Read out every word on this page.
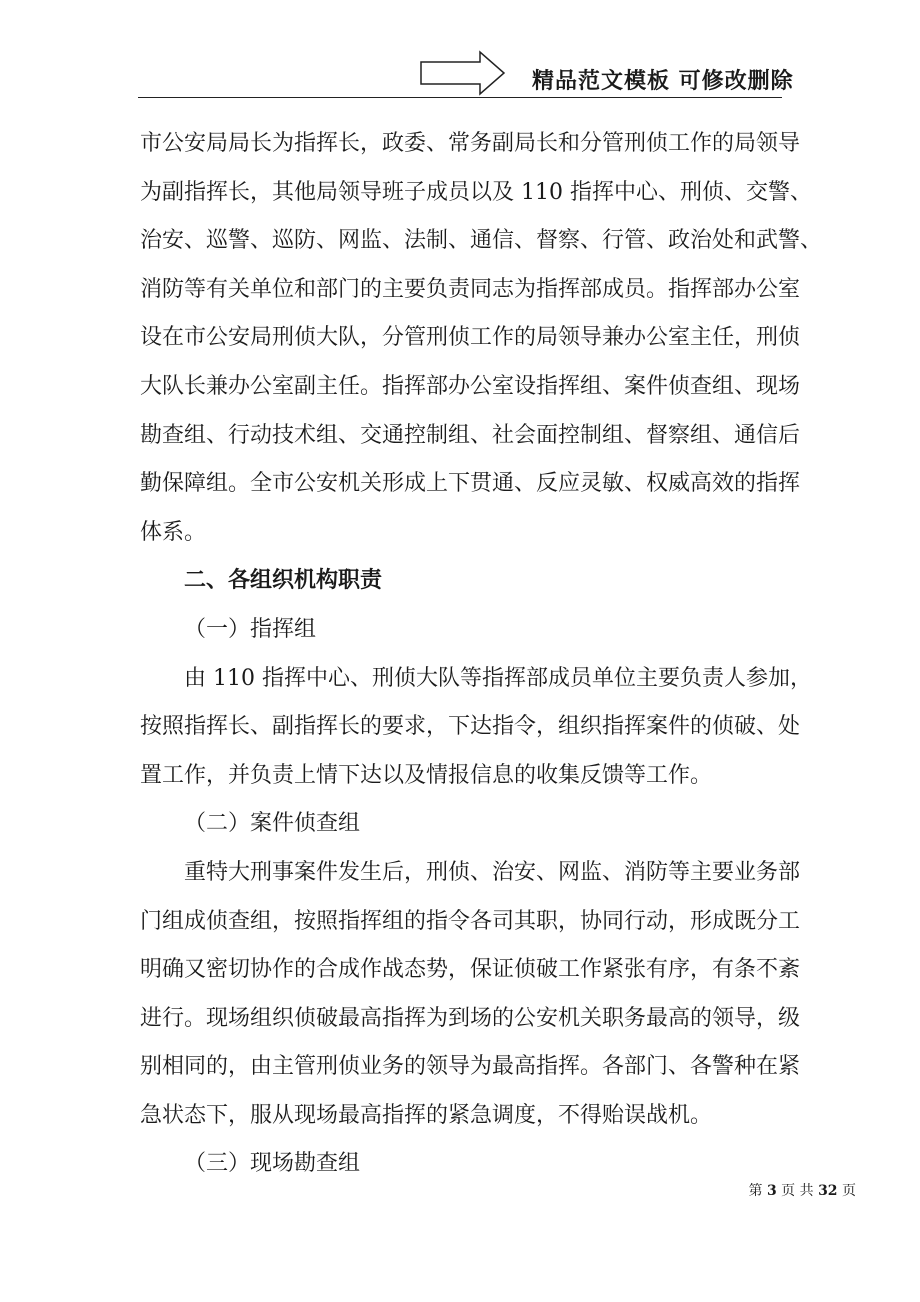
精品范文模板 可修改删除
市公安局局长为指挥长，政委、常务副局长和分管刑侦工作的局领导
为副指挥长，其他局领导班子成员以及 110 指挥中心、刑侦、交警、
治安、巡警、巡防、网监、法制、通信、督察、行管、政治处和武警、
消防等有关单位和部门的主要负责同志为指挥部成员。指挥部办公室
设在市公安局刑侦大队，分管刑侦工作的局领导兼办公室主任，刑侦
大队长兼办公室副主任。指挥部办公室设指挥组、案件侦查组、现场
勘查组、行动技术组、交通控制组、社会面控制组、督察组、通信后
勤保障组。全市公安机关形成上下贯通、反应灵敏、权威高效的指挥
体系。
二、各组织机构职责
（一）指挥组
由 110 指挥中心、刑侦大队等指挥部成员单位主要负责人参加，
按照指挥长、副指挥长的要求，下达指令，组织指挥案件的侦破、处
置工作，并负责上情下达以及情报信息的收集反馈等工作。
（二）案件侦查组
重特大刑事案件发生后，刑侦、治安、网监、消防等主要业务部
门组成侦查组，按照指挥组的指令各司其职，协同行动，形成既分工
明确又密切协作的合成作战态势，保证侦破工作紧张有序，有条不紊
进行。现场组织侦破最高指挥为到场的公安机关职务最高的领导，级
别相同的，由主管刑侦业务的领导为最高指挥。各部门、各警种在紧
急状态下，服从现场最高指挥的紧急调度，不得贻误战机。
（三）现场勘查组
第 3 页 共 32 页
